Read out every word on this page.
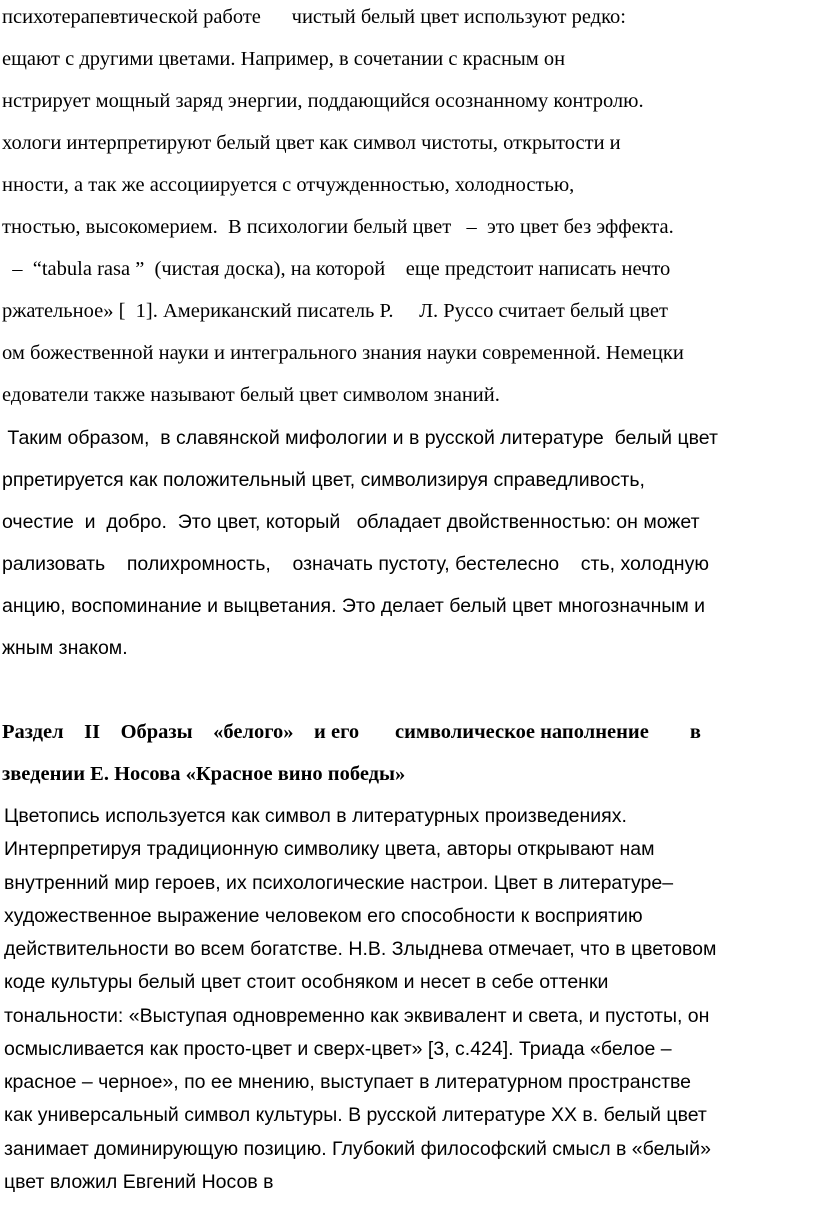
психотерапевтической работе      чистый белый цвет используют редко:
ещают с другими цветами. Например, в сочетании с красным он
нстрирует мощный заряд энергии, поддающийся осознанному контролю.
хологи интерпретируют белый цвет как символ чистоты, открытости и
нности, а так же ассоциируется с отчужденностью, холодностью,
тностью, высокомерием.  В психологии белый цвет   –  это цвет без эффекта.
–  “tabula rasa ”  (чистая доска), на которой    еще предстоит написать нечто
ржательное» [  1]. Американский писатель Р.     Л. Руссо считает белый цвет
ом божественной науки и интегрального знания науки современной. Немецки
едователи также называют белый цвет символом знаний.
Таким образом,  в славянской мифологии и в русской литературе  белый цвет
рпретируется как положительный цвет, символизируя справедливость,
очестие  и  добро.  Это цвет, который   обладает двойственностью: он может
рализовать    полихромность,    означать пустоту, бестелесно    сть, холодную
анцию, воспоминание и выцветания. Это делает белый цвет многозначным и
жным знаком.
Раздел    II    Образы    «белого»    и его       символическое наполнение        в
зведении Е. Носова «Красное вино победы»
Цветопись используется как символ в литературных произведениях.
Интерпретируя традиционную символику цвета, авторы открывают нам
внутренний мир героев, их психологические настрои. Цвет в литературе–
художественное выражение человеком его способности к восприятию
действительности во всем богатстве. Н.В. Злыднева отмечает, что в цветовом
коде культуры белый цвет стоит особняком и несет в себе оттенки
тональности: «Выступая одновременно как эквивалент и света, и пустоты, он
осмысливается как просто-цвет и сверх-цвет» [3, с.424]. Триада «белое –
красное – черное», по ее мнению, выступает в литературном пространстве
как универсальный символ культуры. В русской литературе ХХ в. белый цвет
занимает доминирующую позицию. Глубокий философский смысл в «белый»
цвет вложил Евгений Носов в
